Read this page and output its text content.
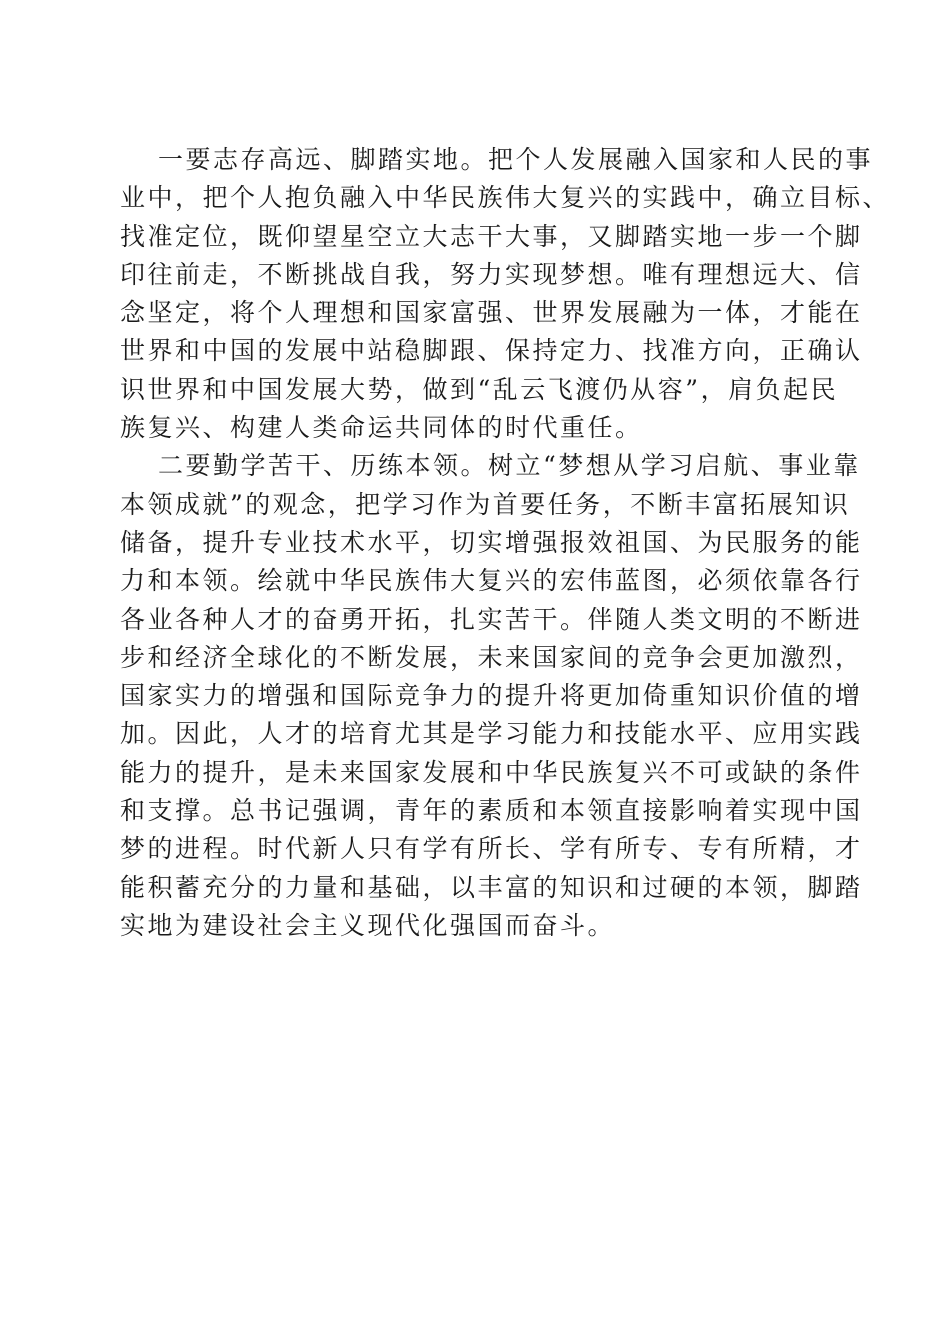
一要志存高远、脚踏实地。把个人发展融入国家和人民的事
业中，把个人抱负融入中华民族伟大复兴的实践中，确立目标、
找准定位，既仰望星空立大志干大事，又脚踏实地一步一个脚
印往前走，不断挑战自我，努力实现梦想。唯有理想远大、信
念坚定，将个人理想和国家富强、世界发展融为一体，才能在
世界和中国的发展中站稳脚跟、保持定力、找准方向，正确认
识世界和中国发展大势，做到“乱云飞渡仍从容”，肩负起民
族复兴、构建人类命运共同体的时代重任。
二要勤学苦干、历练本领。树立“梦想从学习启航、事业靠
本领成就”的观念，把学习作为首要任务，不断丰富拓展知识
储备，提升专业技术水平，切实增强报效祖国、为民服务的能
力和本领。绘就中华民族伟大复兴的宏伟蓝图，必须依靠各行
各业各种人才的奋勇开拓，扎实苦干。伴随人类文明的不断进
步和经济全球化的不断发展，未来国家间的竞争会更加激烈，
国家实力的增强和国际竞争力的提升将更加倚重知识价值的增
加。因此，人才的培育尤其是学习能力和技能水平、应用实践
能力的提升，是未来国家发展和中华民族复兴不可或缺的条件
和支撑。总书记强调，青年的素质和本领直接影响着实现中国
梦的进程。时代新人只有学有所长、学有所专、专有所精，才
能积蓄充分的力量和基础，以丰富的知识和过硬的本领，脚踏
实地为建设社会主义现代化强国而奋斗。
